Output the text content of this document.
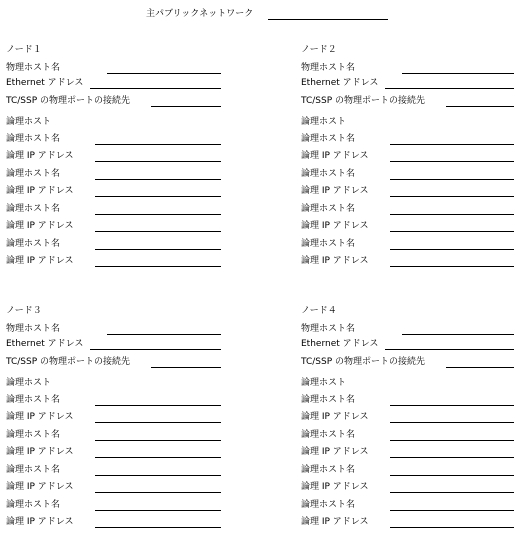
主パブリックネットワーク
ノード１
物理ホスト名
Ethernet アドレス
TC/SSP の物理ポートの接続先
論理ホスト
論理ホスト名
論理 IP アドレス
論理ホスト名
論理 IP アドレス
論理ホスト名
論理 IP アドレス
論理ホスト名
論理 IP アドレス
ノード２
物理ホスト名
Ethernet アドレス
TC/SSP の物理ポートの接続先
論理ホスト
論理ホスト名
論理 IP アドレス
論理ホスト名
論理 IP アドレス
論理ホスト名
論理 IP アドレス
論理ホスト名
論理 IP アドレス
ノード３
物理ホスト名
Ethernet アドレス
TC/SSP の物理ポートの接続先
論理ホスト
論理ホスト名
論理 IP アドレス
論理ホスト名
論理 IP アドレス
論理ホスト名
論理 IP アドレス
論理ホスト名
論理 IP アドレス
ノード４
物理ホスト名
Ethernet アドレス
TC/SSP の物理ポートの接続先
論理ホスト
論理ホスト名
論理 IP アドレス
論理ホスト名
論理 IP アドレス
論理ホスト名
論理 IP アドレス
論理ホスト名
論理 IP アドレス
